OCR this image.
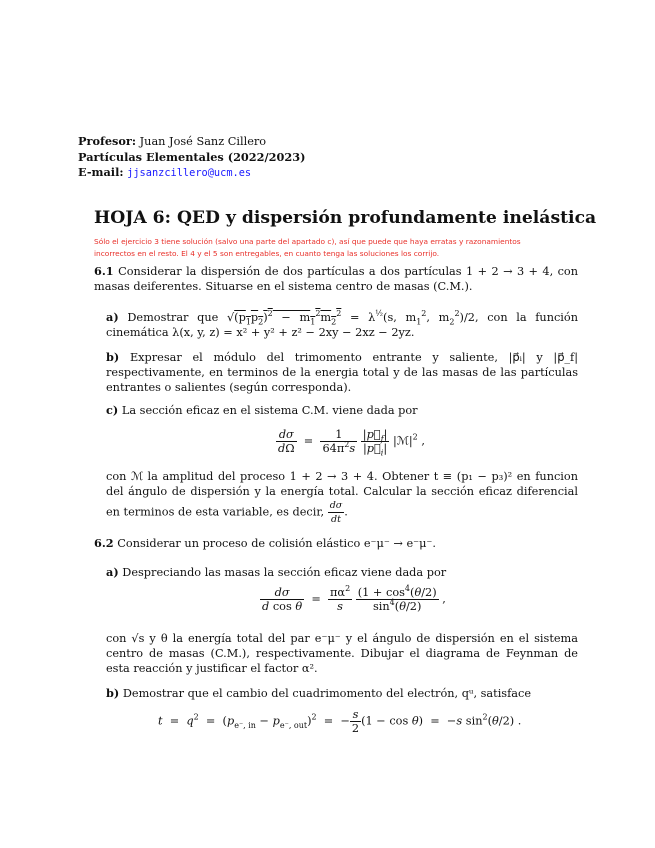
Profesor: Juan José Sanz Cillero
Partículas Elementales (2022/2023)
E-mail: jjsanzcillero@ucm.es
HOJA 6: QED y dispersión profundamente inelástica
Sólo el ejercicio 3 tiene solución (salvo una parte del apartado c), así que puede que haya erratas y razonamientos
incorrectos en el resto. El 4 y el 5 son entregables, en cuanto tenga las soluciones los corrijo.
6.1 Considerar la dispersión de dos partículas a dos partículas 1 + 2 → 3 + 4, con masas deiferentes. Situarse en el sistema centro de masas (C.M.).
a) Demostrar que $√(p_1p_2)^2 - m_1^2m_2^2 = \lambda^{\frac{1}{2}}(s$, $m_1^2$, $m_2^2)/2$, con la función cinemática λ(x, y, z) = x² + y² + z² − 2xy − 2xz − 2yz.
b) Expresar el módulo del trimomento entrante y saliente, |p⃗ᵢ| y |p⃗_f| respectivamente, en terminos de la energia total y de las masas de las partículas entrantes o salientes (según corresponda).
c) La sección eficaz en el sistema C.M. viene dada por
$\frac{d\sigma}{d\Omega} = \frac{1}{64\pi^2s}$
$\frac{|p⃗_f|}{|p⃗_i|}$ $|ℳ|^2$ ,
con ℳ la amplitud del proceso 1 + 2 → 3 + 4. Obtener t ≡ (p₁ − p₃)² en funcion del ángulo de dispersión y la energía total. Calcular la sección eficaz diferencial en terminos de esta variable, es decir, $\frac{d\sigma}{dt}$ .
6.2 Considerar un proceso de colisión elástico e⁻μ⁻ → e⁻μ⁻.
a) Despreciando las masas la sección eficaz viene dada por
$\frac{d\sigma}{\text{d cos θ}} = \frac{\pi\alpha^2}{s}$
$\frac{(1 + \cos^4(\theta/2)}{\sin^4(\theta/2)}$ ,
con √s y θ la energía total del par e⁻μ⁻ y el ángulo de dispersión en el sistema centro de masas (C.M.), respectivamente. Dibujar el diagrama de Feynman de esta reacción y justificar el factor α².
b) Demostrar que el cambio del cuadrimomento del electrón, qᵘ, satisface
$t = q^2 = (p_{e^-, in} - p_{e^-, out})^2$  =  − $\frac{s}{2} (1 - \cos \theta) = -s$ $\sin^2(\theta/2)$ .
